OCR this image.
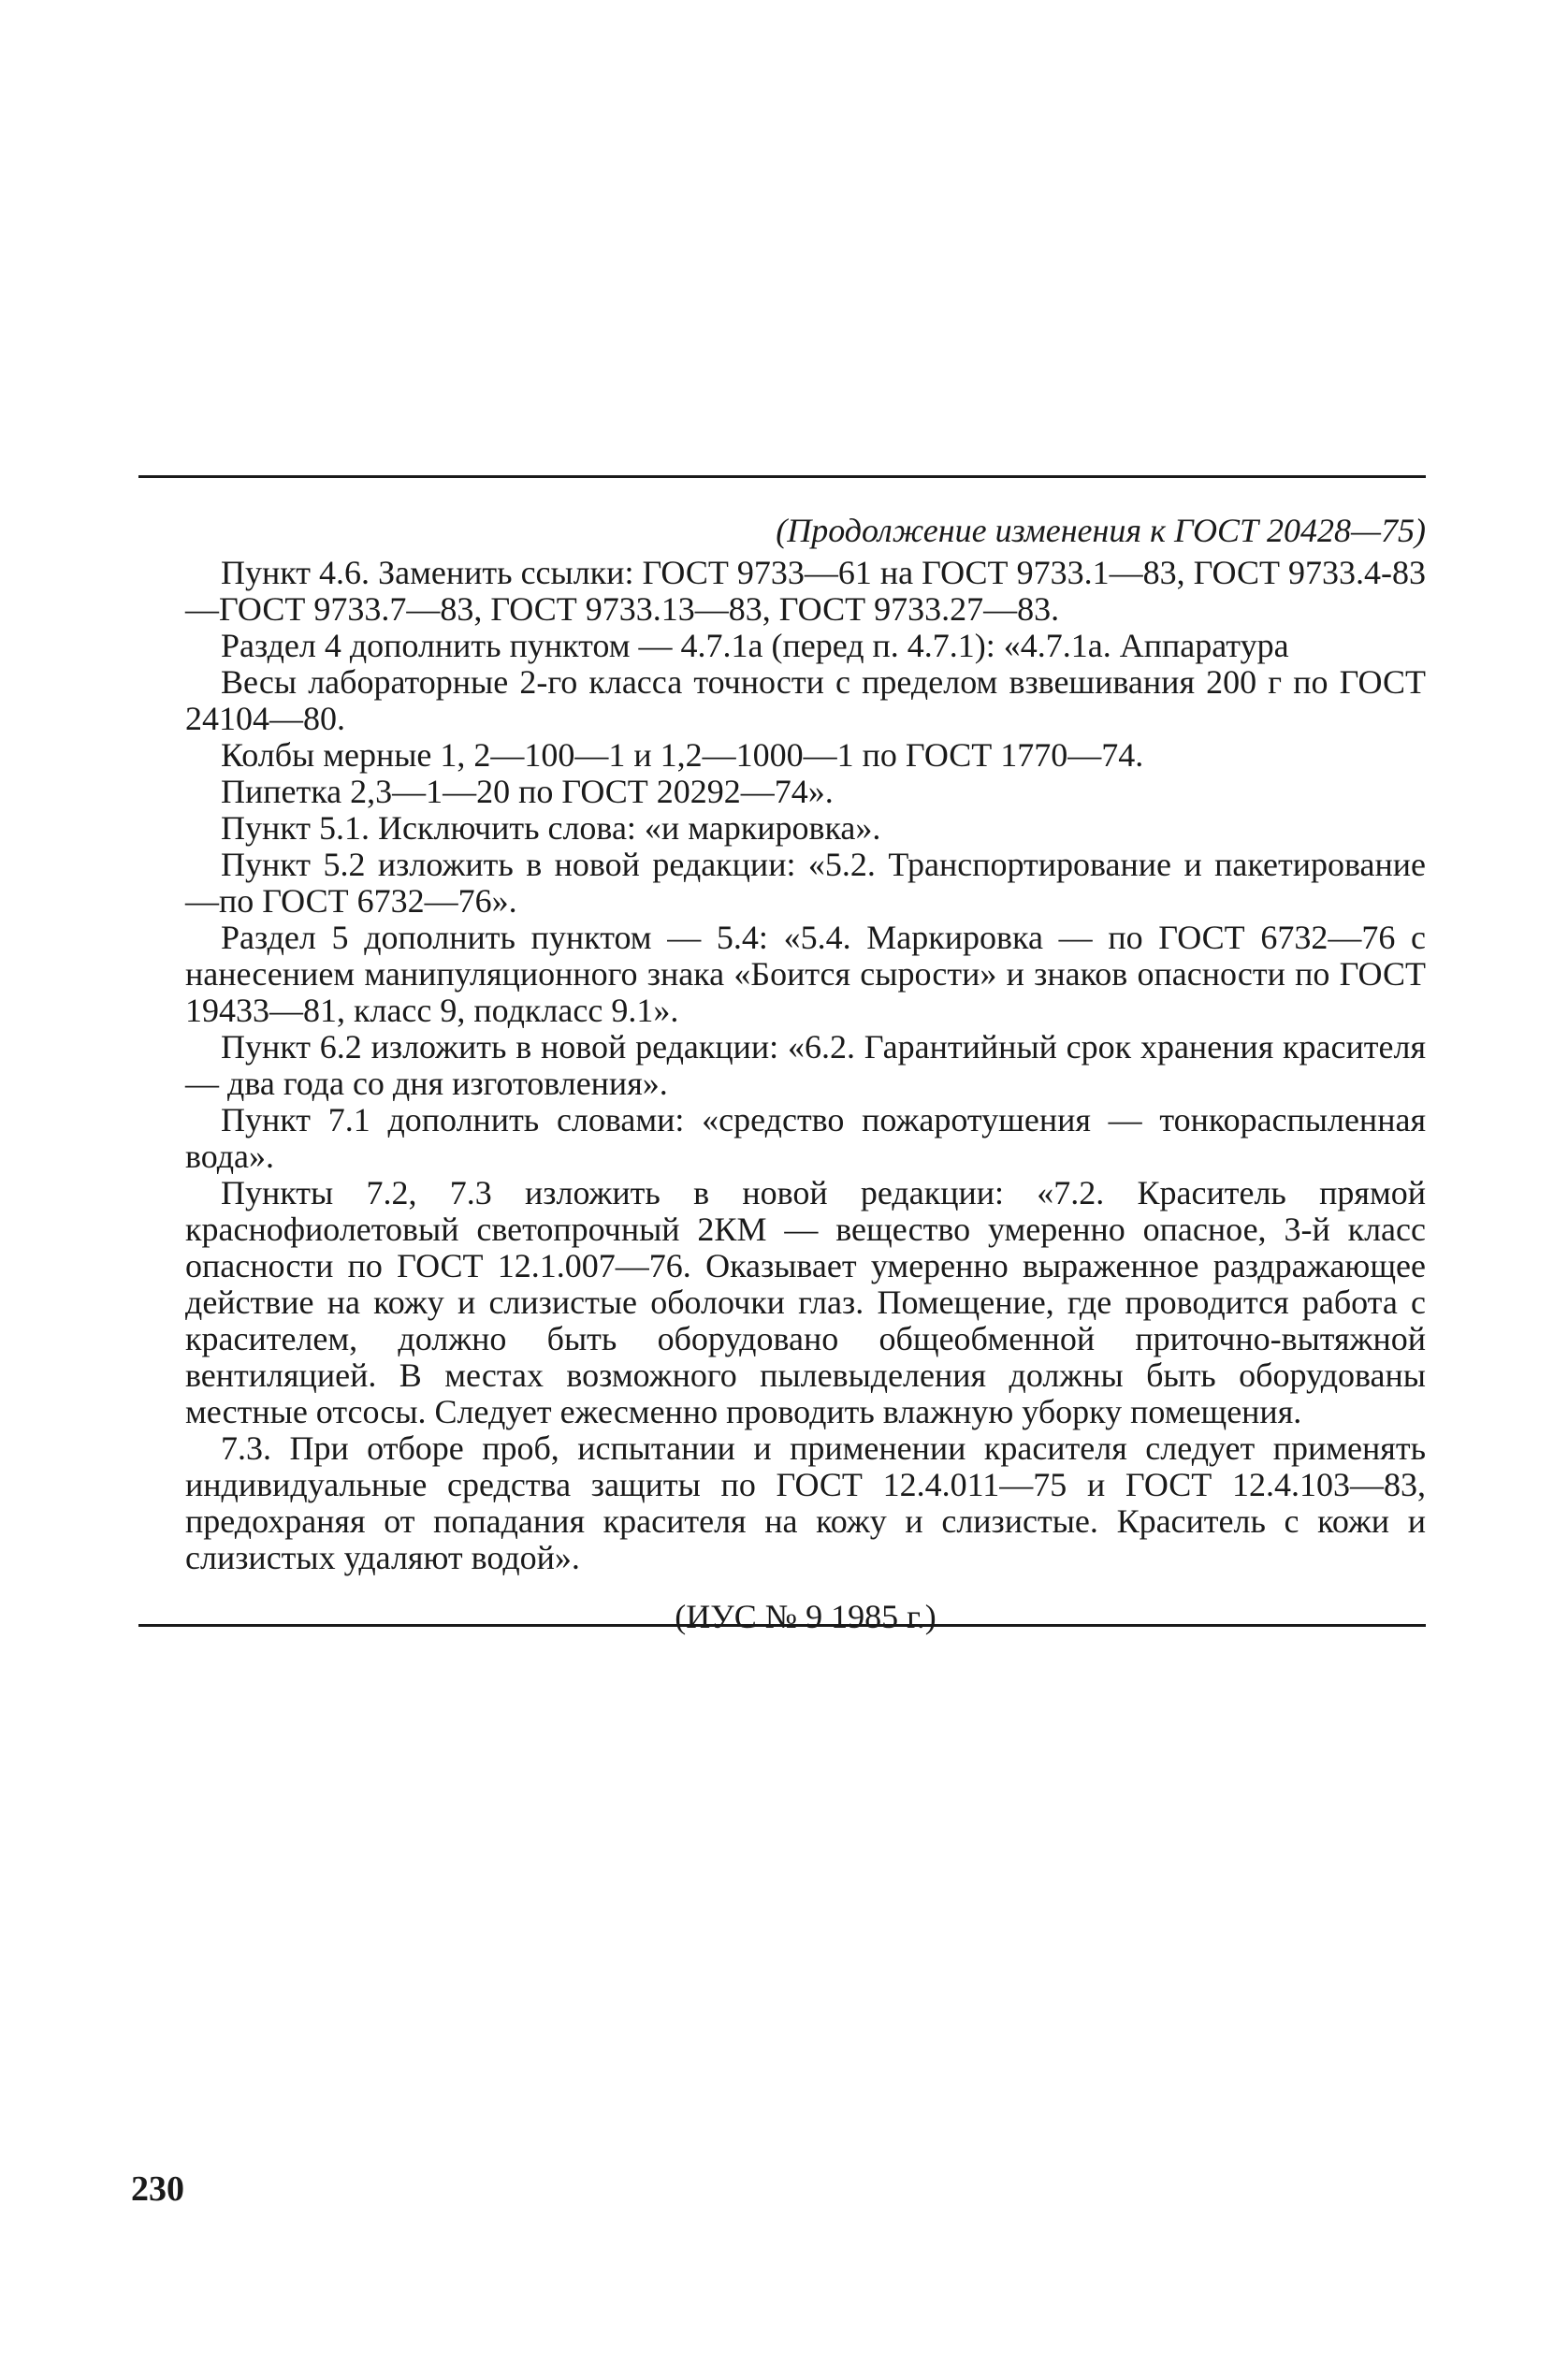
(Продолжение изменения к ГОСТ 20428—75)

Пункт 4.6. Заменить ссылки: ГОСТ 9733—61 на ГОСТ 9733.1—83, ГОСТ 9733.4-83—ГОСТ 9733.7—83, ГОСТ 9733.13—83, ГОСТ 9733.27—83.

Раздел 4 дополнить пунктом — 4.7.1а (перед п. 4.7.1): «4.7.1а. Аппаратура

Весы лабораторные 2-го класса точности с пределом взвешивания 200 г по ГОСТ 24104—80.

Колбы мерные 1, 2—100—1 и 1,2—1000—1 по ГОСТ 1770—74.

Пипетка 2,3—1—20 по ГОСТ 20292—74».

Пункт 5.1. Исключить слова: «и маркировка».

Пункт 5.2 изложить в новой редакции: «5.2. Транспортирование и пакетирование —по ГОСТ 6732—76».

Раздел 5 дополнить пунктом — 5.4: «5.4. Маркировка — по ГОСТ 6732—76 с нанесением манипуляционного знака «Боится сырости» и знаков опасности по ГОСТ 19433—81, класс 9, подкласс 9.1».

Пункт 6.2 изложить в новой редакции: «6.2. Гарантийный срок хранения красителя — два года со дня изготовления».

Пункт 7.1 дополнить словами: «средство пожаротушения — тонкораспыленная вода».

Пункты 7.2, 7.3 изложить в новой редакции: «7.2. Краситель прямой краснофиолетовый светопрочный 2КМ — вещество умеренно опасное, 3-й класс опасности по ГОСТ 12.1.007—76. Оказывает умеренно выраженное раздражающее действие на кожу и слизистые оболочки глаз. Помещение, где проводится работа с красителем, должно быть оборудовано общеобменной приточно-вытяжной вентиляцией. В местах возможного пылевыделения должны быть оборудованы местные отсосы. Следует ежесменно проводить влажную уборку помещения.

7.3. При отборе проб, испытании и применении красителя следует применять индивидуальные средства защиты по ГОСТ 12.4.011—75 и ГОСТ 12.4.103—83, предохраняя от попадания красителя на кожу и слизистые. Краситель с кожи и слизистых удаляют водой».

(ИУС № 9 1985 г.)

230
